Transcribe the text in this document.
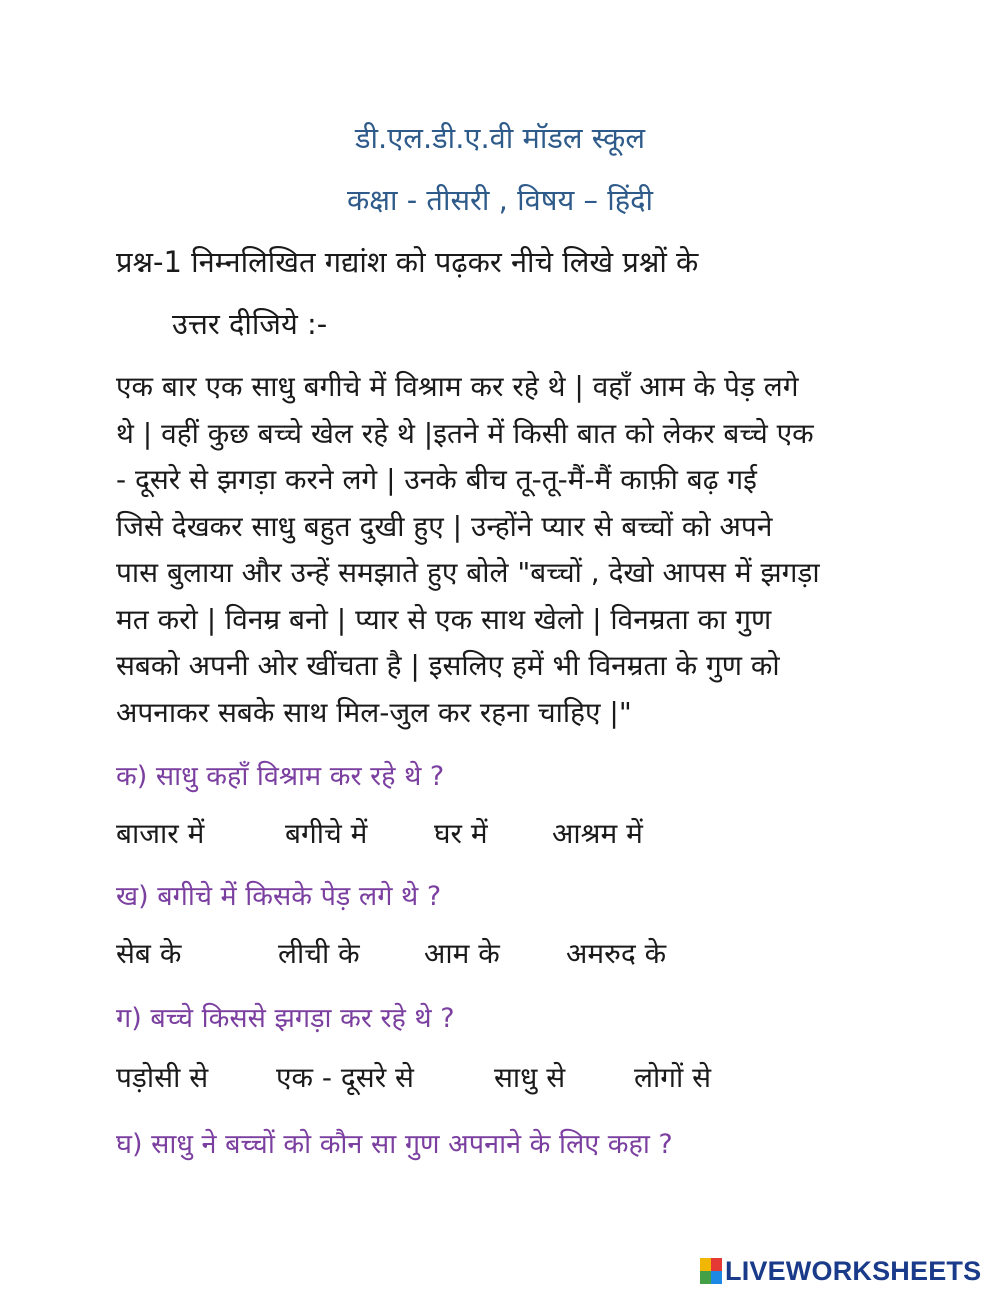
डी.एल.डी.ए.वी मॉडल स्कूल
कक्षा - तीसरी , विषय – हिंदी
प्रश्न-1 निम्नलिखित गद्यांश को पढ़कर नीचे लिखे प्रश्नों के
उत्तर दीजिये :-
एक बार एक साधु बगीचे में विश्राम कर रहे थे | वहाँ आम के पेड़ लगे
थे | वहीं कुछ बच्चे खेल रहे थे |इतने में किसी बात को लेकर बच्चे एक
- दूसरे से झगड़ा करने लगे | उनके बीच तू-तू-मैं-मैं काफ़ी बढ़ गई
जिसे देखकर साधु बहुत दुखी हुए | उन्होंने प्यार से बच्चों को अपने
पास बुलाया और उन्हें समझाते हुए बोले "बच्चों , देखो आपस में झगड़ा
मत करो | विनम्र बनो | प्यार से एक साथ खेलो | विनम्रता का गुण
सबको अपनी ओर खींचता है | इसलिए हमें भी विनम्रता के गुण को
अपनाकर सबके साथ मिल-जुल कर रहना चाहिए |"
क) साधु कहाँ विश्राम कर रहे थे ?
बाजार में	बगीचे में घर में आश्रम में
ख) बगीचे में किसके पेड़ लगे थे ?
सेब के	लीची के आम के अमरुद के
ग) बच्चे किससे झगड़ा कर रहे थे ?
पड़ोसी से एक - दूसरे से	साधु से लोगों से
घ) साधु ने बच्चों को कौन सा गुण अपनाने के लिए कहा ?
LIVEWORKSHEETS
